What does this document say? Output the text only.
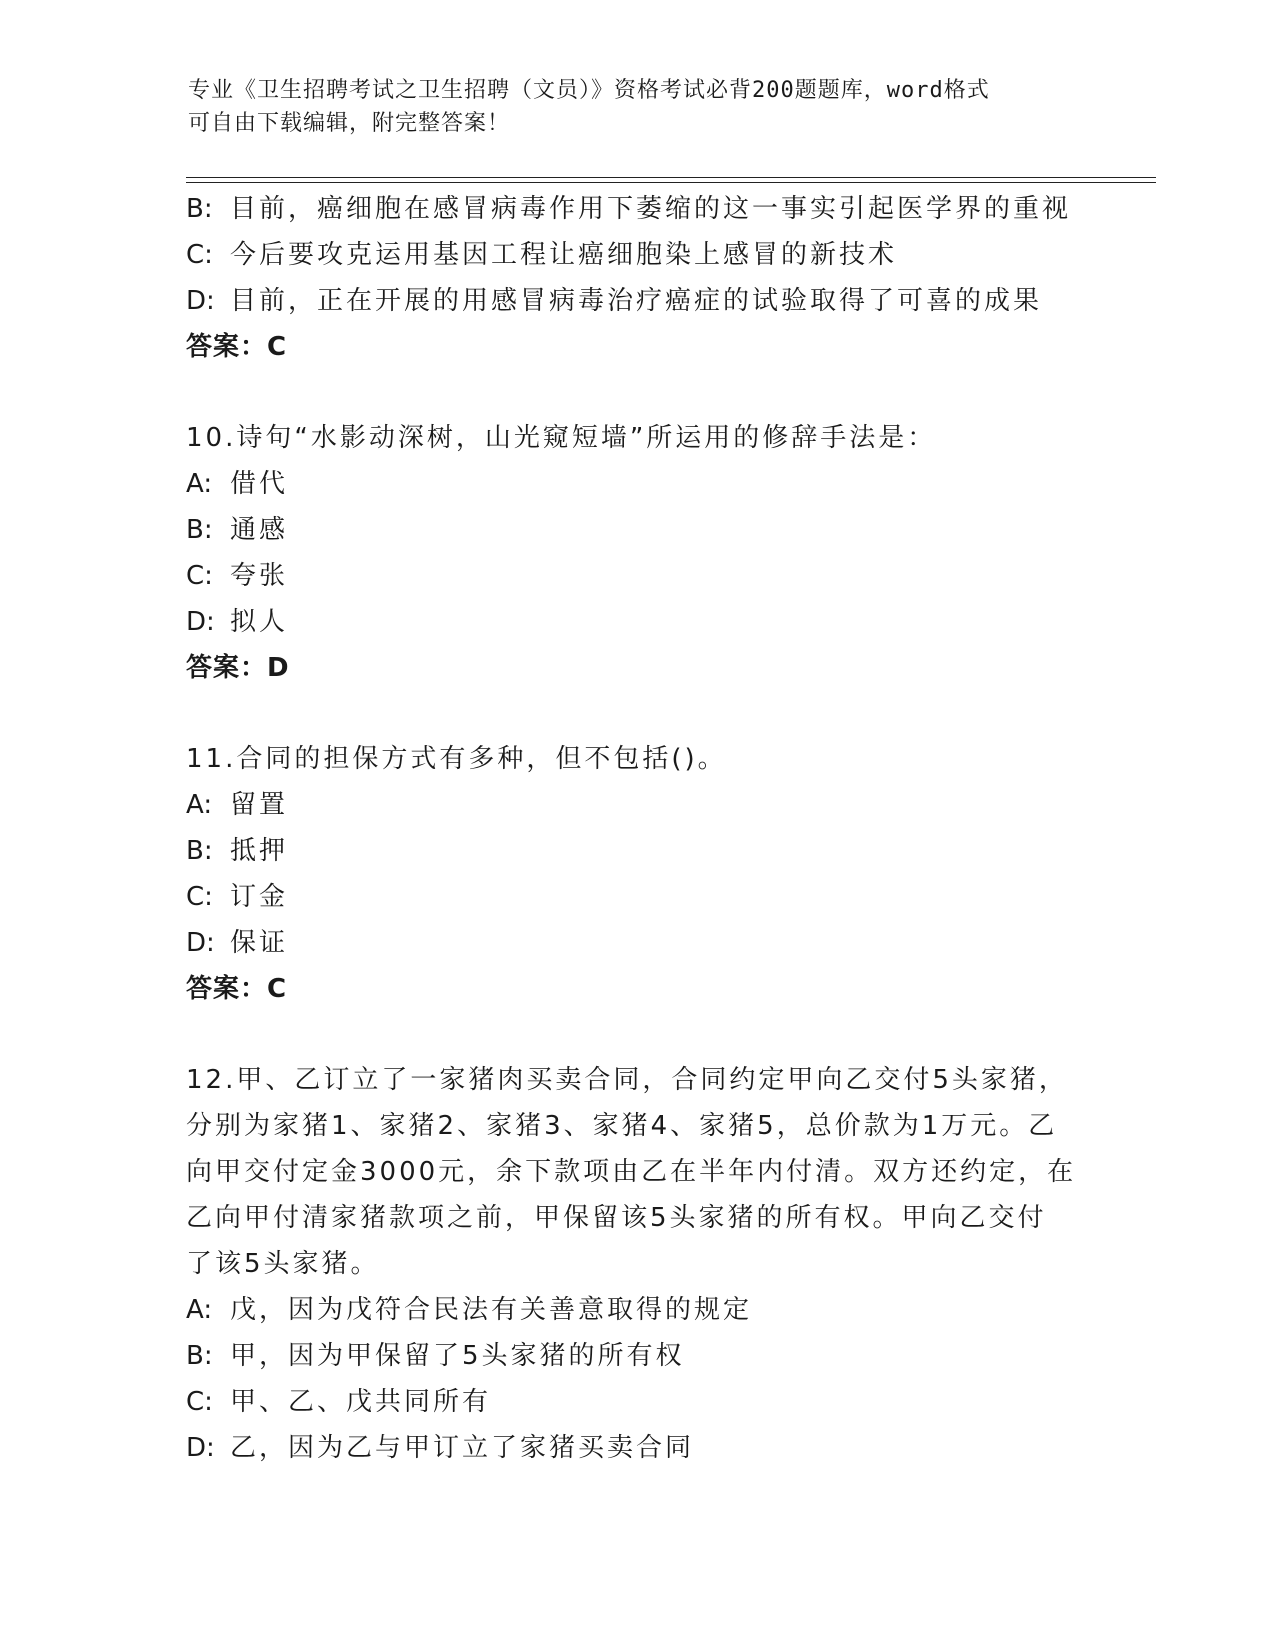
专业《卫生招聘考试之卫生招聘（文员）》资格考试必背200题题库，word格式
可自由下载编辑，附完整答案！
B: 目前，癌细胞在感冒病毒作用下萎缩的这一事实引起医学界的重视
C: 今后要攻克运用基因工程让癌细胞染上感冒的新技术
D: 目前，正在开展的用感冒病毒治疗癌症的试验取得了可喜的成果
答案：C
10.诗句“水影动深树，山光窥短墙”所运用的修辞手法是：
A: 借代
B: 通感
C: 夸张
D: 拟人
答案：D
11.合同的担保方式有多种，但不包括()。
A: 留置
B: 抵押
C: 订金
D: 保证
答案：C
12.甲、乙订立了一家猪肉买卖合同，合同约定甲向乙交付5头家猪，
分别为家猪1、家猪2、家猪3、家猪4、家猪5，总价款为1万元。乙
向甲交付定金3000元，余下款项由乙在半年内付清。双方还约定，在
乙向甲付清家猪款项之前，甲保留该5头家猪的所有权。甲向乙交付
了该5头家猪。
A: 戊，因为戊符合民法有关善意取得的规定
B: 甲，因为甲保留了5头家猪的所有权
C: 甲、乙、戊共同所有
D: 乙，因为乙与甲订立了家猪买卖合同
